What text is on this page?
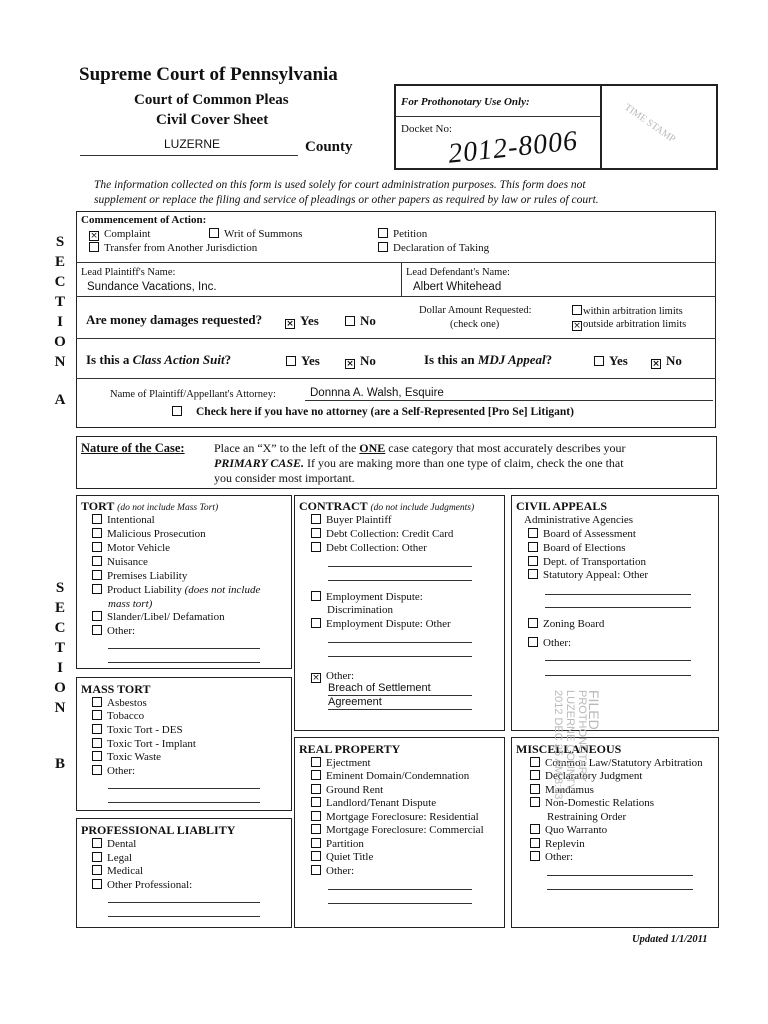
Supreme Court of Pennsylvania
Court of Common Pleas
Civil Cover Sheet
LUZERNE	County
For Prothonotary Use Only:
Docket No:
2012-8006
TIME STAMP
The information collected on this form is used solely for court administration purposes. This form does not
supplement or replace the filing and service of pleadings or other papers as required by law or rules of court.
S
E
C
T
I
O
N
A
Commencement of Action:
×Complaint	Writ of Summons	Petition
Transfer from Another Jurisdiction	Declaration of Taking
Lead Plaintiff's Name:
Sundance Vacations, Inc.
Lead Defendant's Name:
Albert Whitehead
Are money damages requested? ×	Yes	No
Dollar Amount Requested:
(check one)
within arbitration limits
×outside arbitration limits
Is this a Class Action Suit?	Yes ×	No	Is this an MDJ Appeal?	Yes ×	No
Name of Plaintiff/Appellant's Attorney:	Donnna A. Walsh, Esquire
Check here if you have no attorney (are a Self-Represented [Pro Se] Litigant)
Nature of the Case: Place an “X” to the left of the ONE case category that most accurately describes your
PRIMARY CASE. If you are making more than one type of claim, check the one that
you consider most important.
S
E
C
T
I
O
N
B
TORT (do not include Mass Tort)
Intentional
Malicious Prosecution
Motor Vehicle
Nuisance
Premises Liability
Product Liability (does not include
mass tort)
Slander/Libel/ Defamation
Other:
MASS TORT
Asbestos
Tobacco
Toxic Tort - DES
Toxic Tort - Implant
Toxic Waste
Other:
PROFESSIONAL LIABLITY
Dental
Legal
Medical
Other Professional:
CONTRACT (do not include Judgments)
Buyer Plaintiff
Debt Collection: Credit Card
Debt Collection: Other
Employment Dispute:
Discrimination
Employment Dispute: Other
×Other:
Breach of Settlement
Agreement
REAL PROPERTY
Ejectment
Eminent Domain/Condemnation
Ground Rent
Landlord/Tenant Dispute
Mortgage Foreclosure: Residential
Mortgage Foreclosure: Commercial
Partition
Quiet Title
Other:
CIVIL APPEALS
Administrative Agencies
Board of Assessment
Board of Elections
Dept. of Transportation
Statutory Appeal: Other
Zoning Board
Other:
MISCELLANEOUS
Common Law/Statutory Arbitration
Declaratory Judgment
Mandamus
Non-Domestic Relations
Restraining Order
Quo Warranto
Replevin
Other:
FILED
PROTHONOTARY
LUZERNE COUNTY
2012 DEC 25 AM 8:53
Updated 1/1/2011
